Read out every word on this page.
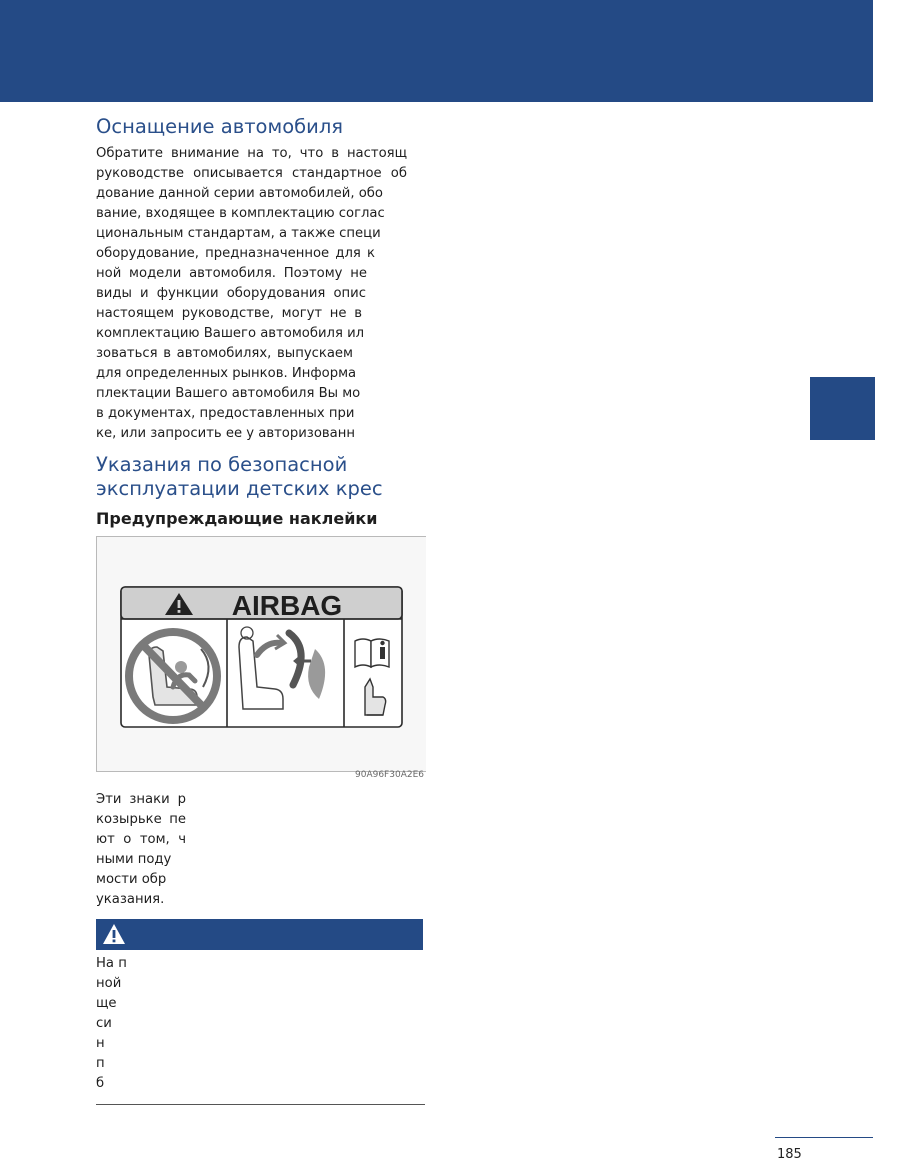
Оснащение автомобиля
Обратите внимание на то, что в настоящ
руководстве описывается стандартное об
дование данной серии автомобилей, обо
вание, входящее в комплектацию соглас
циональным стандартам, а также специ
оборудование, предназначенное для к
ной модели автомобиля. Поэтому не
виды и функции оборудования опис
настоящем руководстве, могут не в
комплектацию Вашего автомобиля ил
зоваться в автомобилях, выпускаем
для определенных рынков. Информа
плектации Вашего автомобиля Вы мо
в документах, предоставленных при
ке, или запросить ее у авторизованн
Указания по безопасной
эксплуатации детских крес
Предупреждающие наклейки
AIRBAG
90A96F30A2E6
Эти знаки р
козырьке пе
ют о том, ч
ными поду
мости обр
указания.
На п
ной
ще
си
н
п
б
185
